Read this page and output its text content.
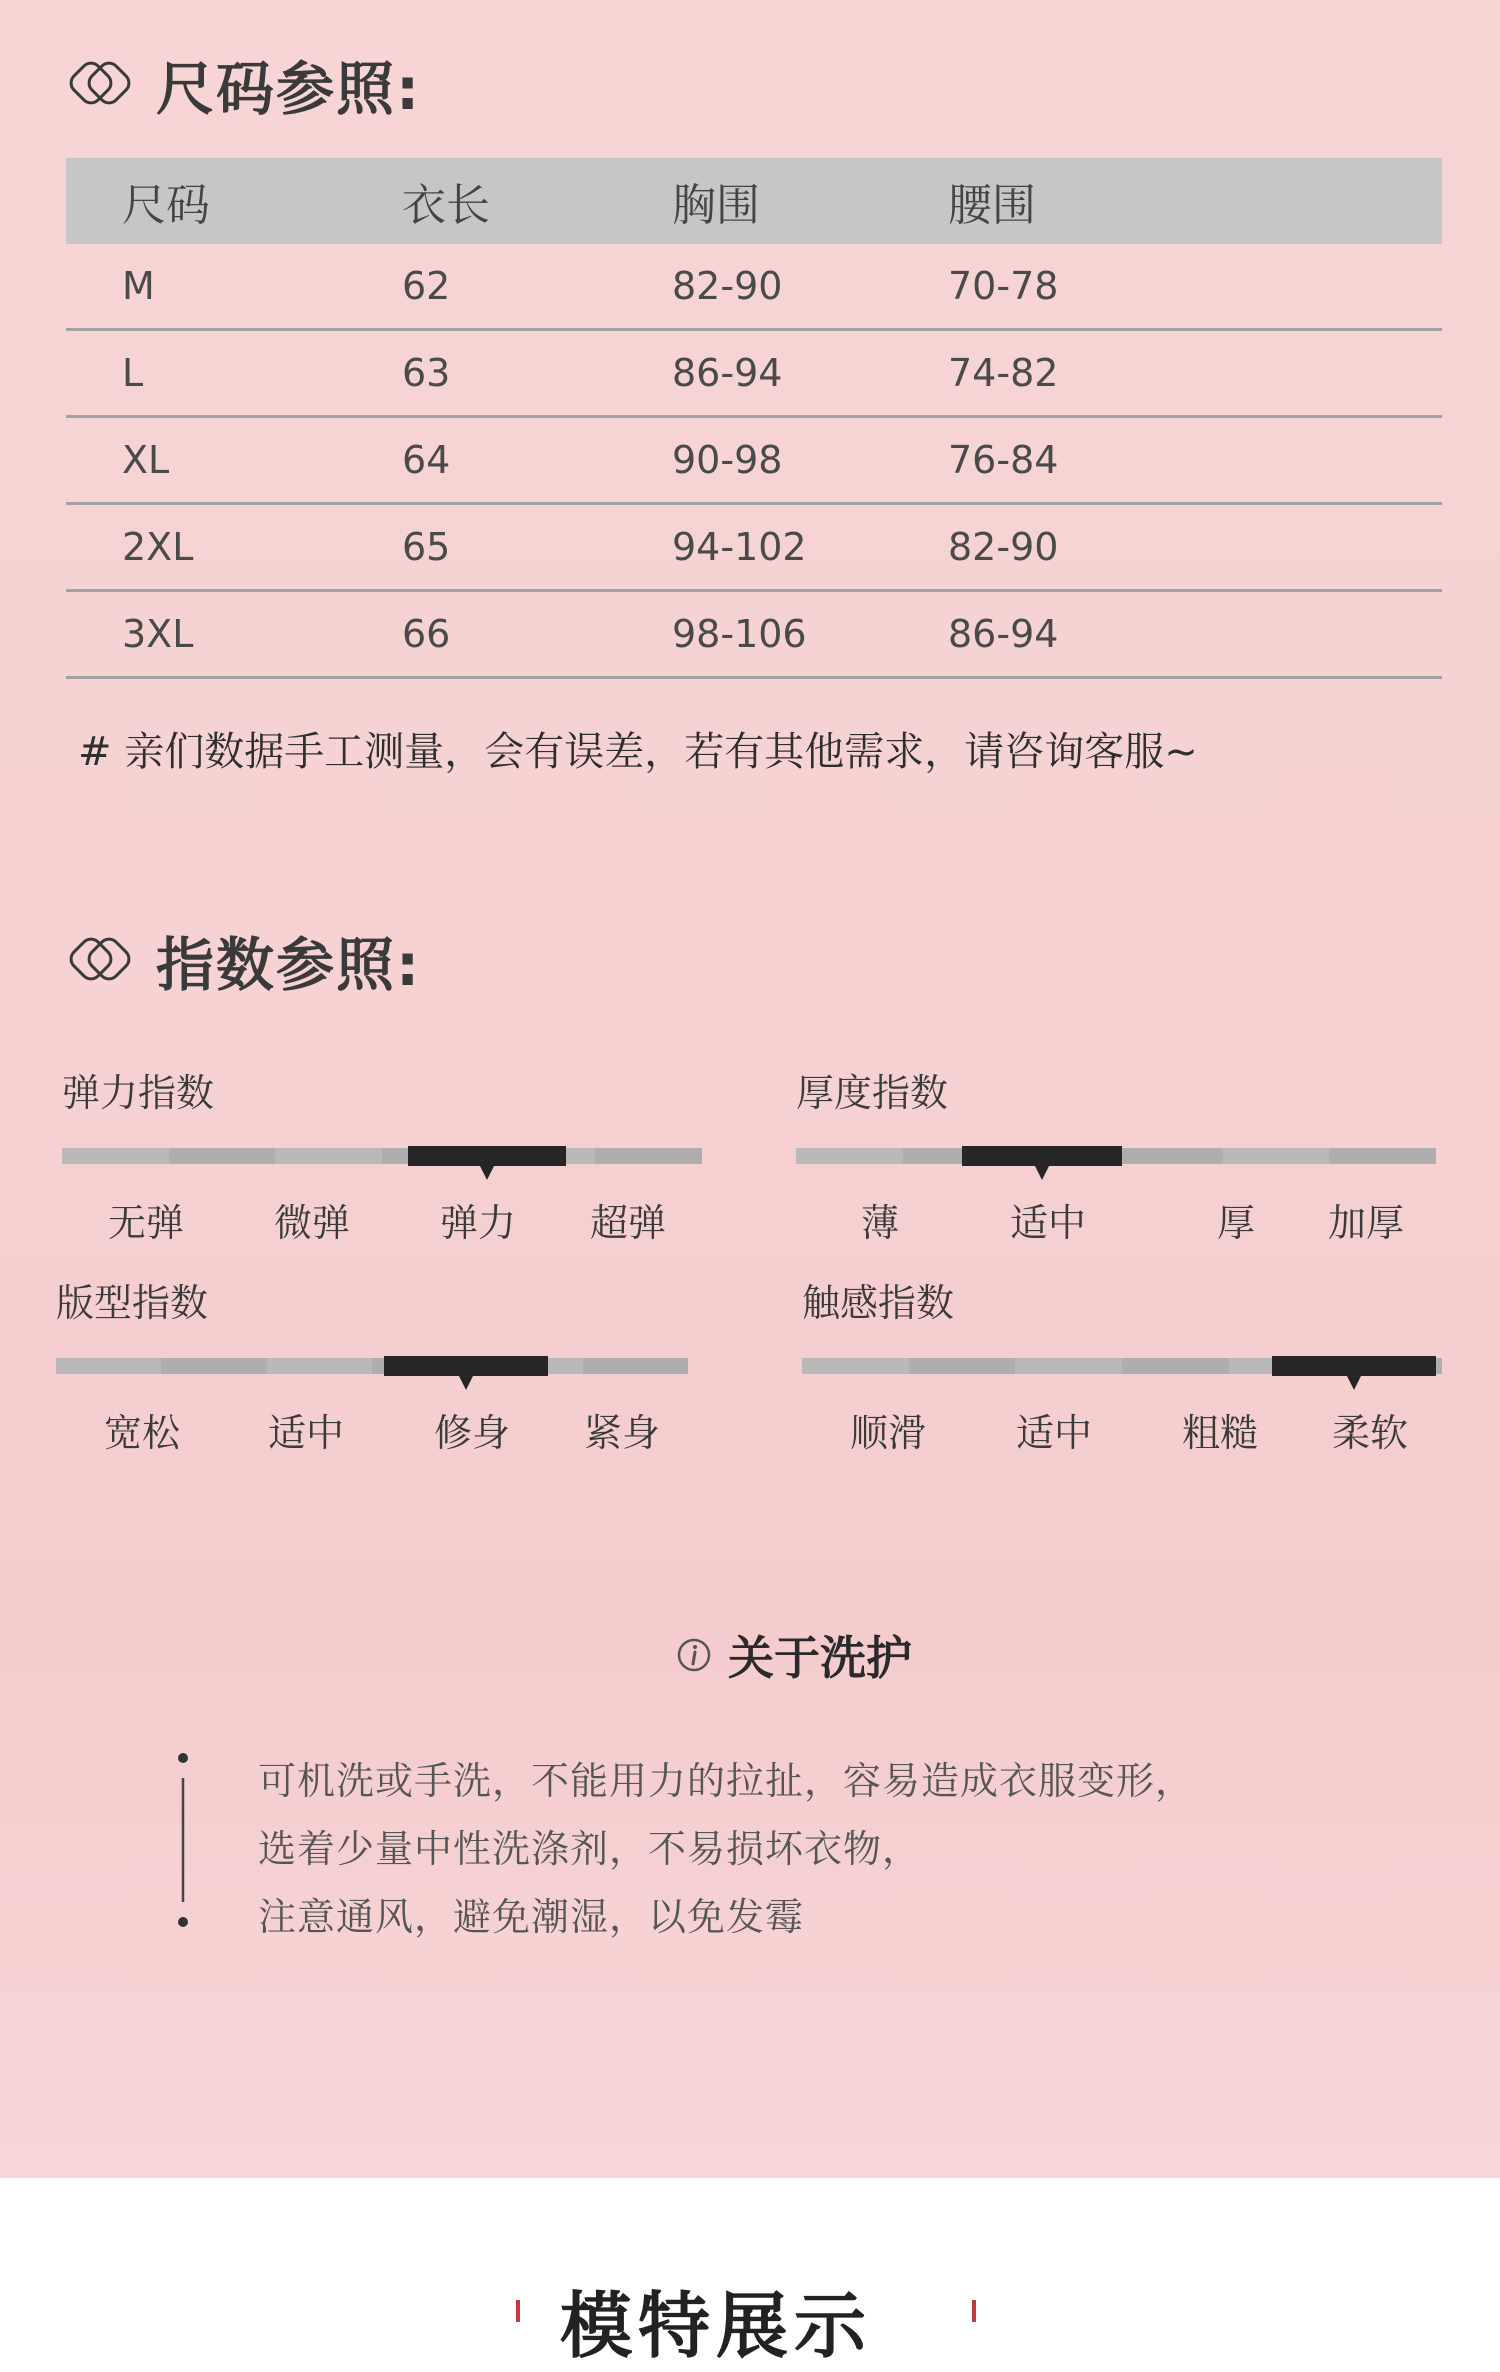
尺码参照:
尺码	衣长	胸围	腰围
M	62	82-90	70-78
L	63	86-94	74-82
XL	64	90-98	76-84
2XL	65	94-102	82-90
3XL	66	98-106	86-94
# 亲们数据手工测量，会有误差，若有其他需求，请咨询客服~
指数参照:
弹力指数
无弹 微弹 弹力 超弹
厚度指数
薄	适中	厚 加厚
版型指数
宽松 适中 修身 紧身
触感指数
顺滑 适中 粗糙 柔软
关于洗护
可机洗或手洗，不能用力的拉扯，容易造成衣服变形，
选着少量中性洗涤剂，不易损坏衣物，
注意通风，避免潮湿，以免发霉
模特展示
